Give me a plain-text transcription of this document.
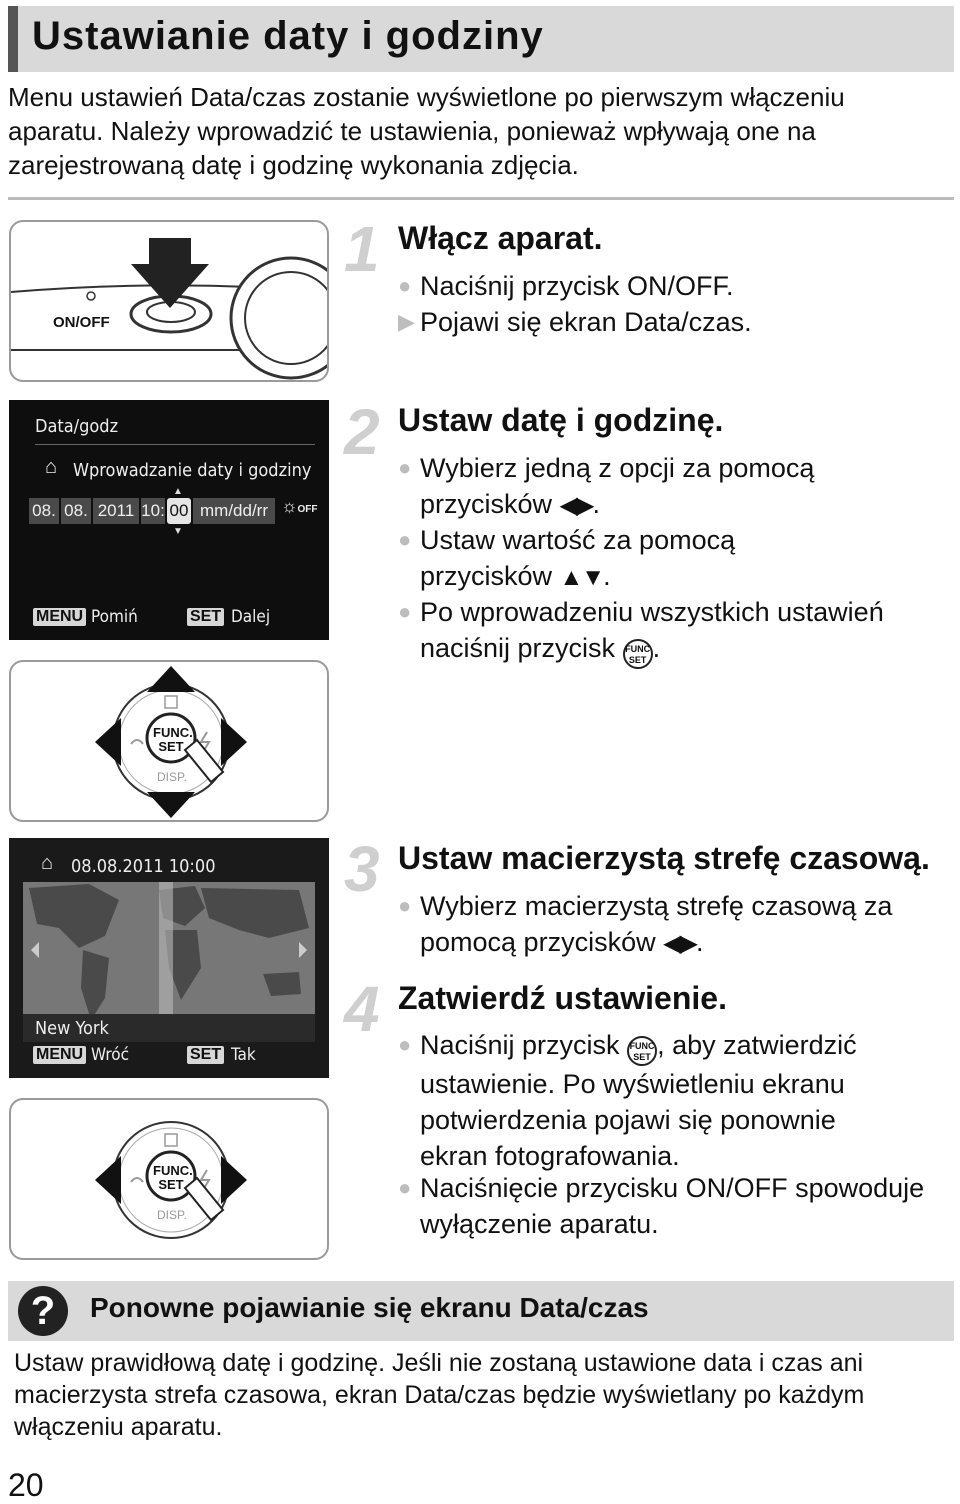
Ustawianie daty i godziny
Menu ustawień Data/czas zostanie wyświetlone po pierwszym włączeniu aparatu. Należy wprowadzić te ustawienia, ponieważ wpływają one na zarejestrowaną datę i godzinę wykonania zdjęcia.
ON/OFF
1 Włącz aparat.
● Naciśnij przycisk ON/OFF.
▶ Pojawi się ekran Data/czas.
Data/godz
⌂ Wprowadzanie daty i godziny
08. 08. 2011 10: 00
▲
▼
mm/dd/rr ☼OFF
MENU Pomiń	SET Dalej
2 Ustaw datę i godzinę.
● Wybierz jedną z opcji za pomocą
przycisków ◀▶.
● Ustaw wartość za pomocą
przycisków ▲▼.
● Po wprowadzeniu wszystkich ustawień
naciśnij przycisk FUNC
SET .
FUNC.
SET
DISP.
⌂ 08.08.2011 10:00
New York
MENU Wróć	SET Tak
3 Ustaw macierzystą strefę czasową.
● Wybierz macierzystą strefę czasową za
pomocą przycisków ◀▶.
4 Zatwierdź ustawienie.
● Naciśnij przycisk FUNC
SET , aby zatwierdzić
ustawienie. Po wyświetleniu ekranu
potwierdzenia pojawi się ponownie
ekran fotografowania.
● Naciśnięcie przycisku ON/OFF spowoduje
wyłączenie aparatu.
FUNC.
SET
DISP.
?	Ponowne pojawianie się ekranu Data/czas
Ustaw prawidłową datę i godzinę. Jeśli nie zostaną ustawione data i czas ani macierzysta strefa czasowa, ekran Data/czas będzie wyświetlany po każdym włączeniu aparatu.
20
